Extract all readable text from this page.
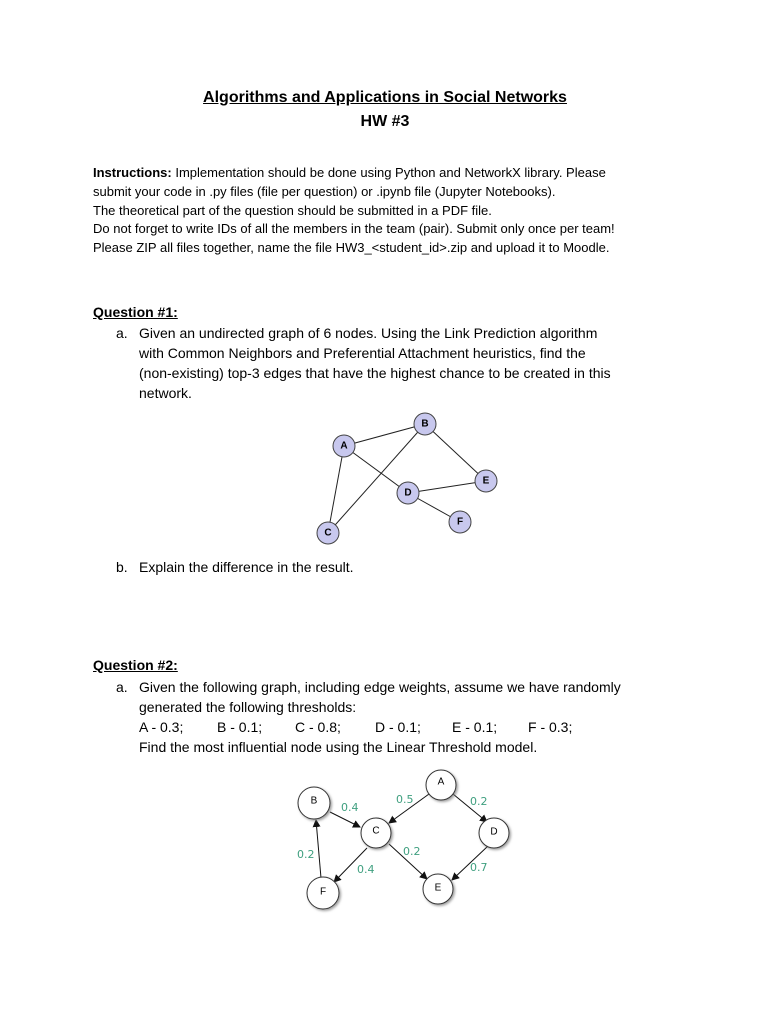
Algorithms and Applications in Social Networks
HW #3
Instructions: Implementation should be done using Python and NetworkX library. Please
submit your code in .py files (file per question) or .ipynb file (Jupyter Notebooks).
The theoretical part of the question should be submitted in a PDF file.
Do not forget to write IDs of all the members in the team (pair). Submit only once per team!
Please ZIP all files together, name the file HW3_<student_id>.zip and upload it to Moodle.
Question #1:
a. Given an undirected graph of 6 nodes. Using the Link Prediction algorithm
with Common Neighbors and Preferential Attachment heuristics, find the
(non-existing) top-3 edges that have the highest chance to be created in this
network.
A
B
C
D
E
F
b. Explain the difference in the result.
Question #2:
a. Given the following graph, including edge weights, assume we have randomly
generated the following thresholds:
A - 0.3; B - 0.1; C - 0.8; D - 0.1; E - 0.1; F - 0.3;
Find the most influential node using the Linear Threshold model.
A
B
C	D
E
F
0.5	0.2
0.4
0.2
0.4
0.2
0.7
